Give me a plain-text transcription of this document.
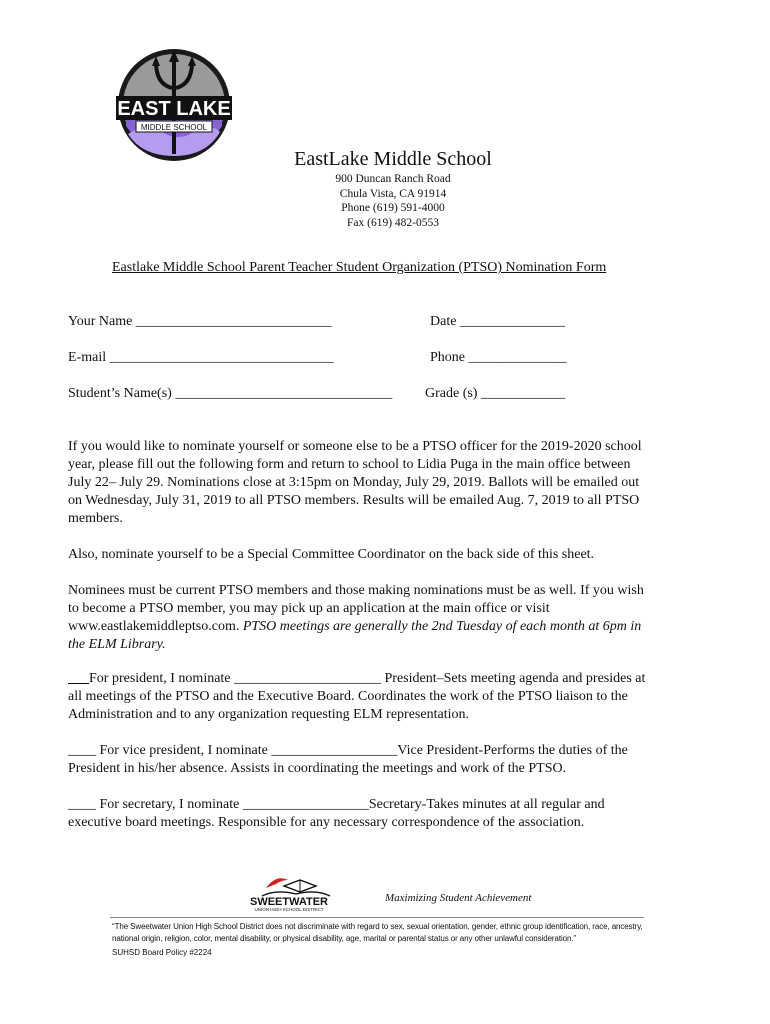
EAST LAKE
MIDDLE SCHOOL
EastLake Middle School
900 Duncan Ranch Road
Chula Vista, CA 91914
Phone (619) 591-4000
Fax (619) 482-0553
Eastlake Middle School Parent Teacher Student Organization (PTSO) Nomination Form
Your Name ____________________________	Date _______________
E-mail ________________________________	Phone ______________
Student’s Name(s) _______________________________ Grade (s) ____________

If you would like to nominate yourself or someone else to be a PTSO officer for the 2019-2020 school year, please fill out the following form and return to school to Lidia Puga in the main office between July 22– July 29. Nominations close at 3:15pm on Monday, July 29, 2019. Ballots will be emailed out on Wednesday, July 31, 2019 to all PTSO members. Results will be emailed Aug. 7, 2019 to all PTSO members.

Also, nominate yourself to be a Special Committee Coordinator on the back side of this sheet.

Nominees must be current PTSO members and those making nominations must be as well. If you wish to become a PTSO member, you may pick up an application at the main office or visit www.eastlakemiddleptso.com. PTSO meetings are generally the 2nd Tuesday of each month at 6pm in the ELM Library.

For president, I nominate _____________________ President–Sets meeting agenda and presides at all meetings of the PTSO and the Executive Board. Coordinates the work of the PTSO liaison to the Administration and to any organization requesting ELM representation.

____ For vice president, I nominate __________________Vice President-Performs the duties of the President in his/her absence. Assists in coordinating the meetings and work of the PTSO.

____ For secretary, I nominate __________________Secretary-Takes minutes at all regular and executive board meetings. Responsible for any necessary correspondence of the association.

SWEETWATER
UNION HIGH SCHOOL DISTRICT
Maximizing Student Achievement
“The Sweetwater Union High School District does not discriminate with regard to sex, sexual orientation, gender, ethnic group identification, race, ancestry, national origin, religion, color, mental disability, or physical disability, age, marital or parental status or any other unlawful consideration.”
SUHSD Board Policy #2224
